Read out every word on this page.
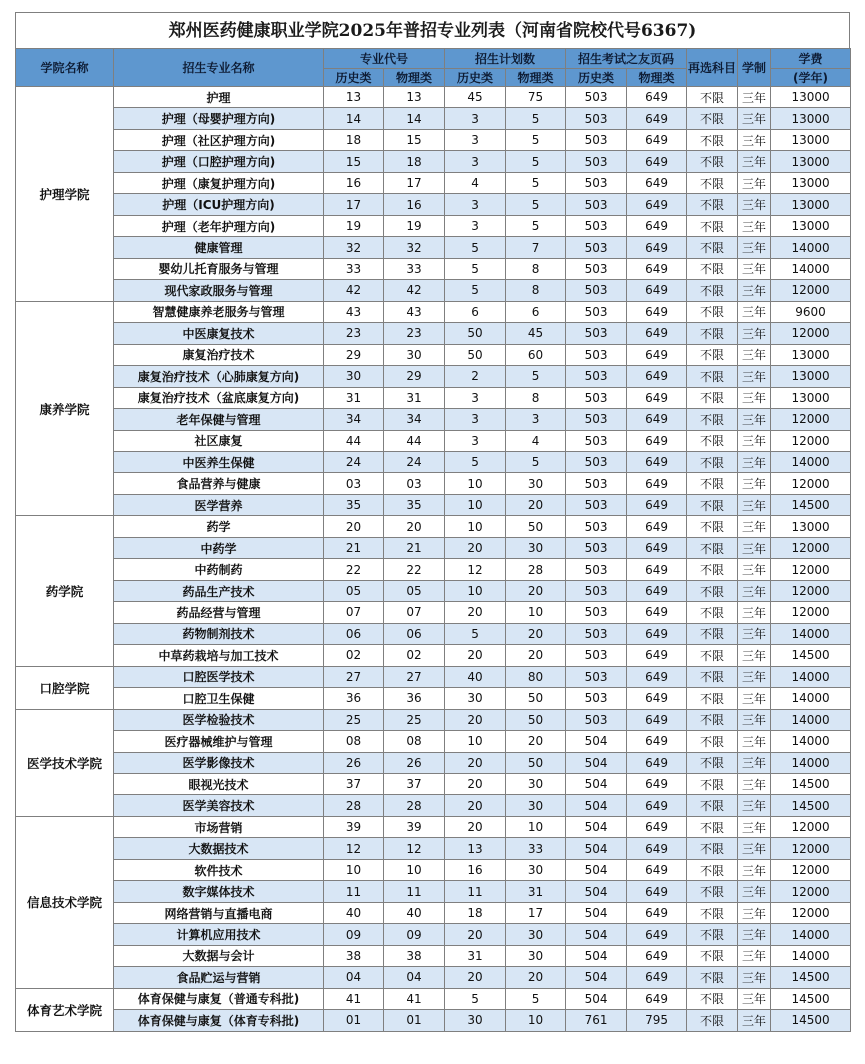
郑州医药健康职业学院2025年普招专业列表（河南省院校代号6367)
学院名称	招生专业名称	专业代号		招生计划数		招生考试之友页码		再选科目	学制	学费
		历史类	物理类	历史类	物理类	历史类	物理类			(学年)
护理学院	护理	13	13	45	75	503	649	不限	三年	13000
	护理（母婴护理方向)	14	14	3	5	503	649	不限	三年	13000
	护理（社区护理方向)	18	15	3	5	503	649	不限	三年	13000
	护理（口腔护理方向)	15	18	3	5	503	649	不限	三年	13000
	护理（康复护理方向)	16	17	4	5	503	649	不限	三年	13000
	护理（ICU护理方向)	17	16	3	5	503	649	不限	三年	13000
	护理（老年护理方向)	19	19	3	5	503	649	不限	三年	13000
	健康管理	32	32	5	7	503	649	不限	三年	14000
	婴幼儿托育服务与管理	33	33	5	8	503	649	不限	三年	14000
	现代家政服务与管理	42	42	5	8	503	649	不限	三年	12000
康养学院	智慧健康养老服务与管理	43	43	6	6	503	649	不限	三年	9600
	中医康复技术	23	23	50	45	503	649	不限	三年	12000
	康复治疗技术	29	30	50	60	503	649	不限	三年	13000
	康复治疗技术（心肺康复方向)	30	29	2	5	503	649	不限	三年	13000
	康复治疗技术（盆底康复方向)	31	31	3	8	503	649	不限	三年	13000
	老年保健与管理	34	34	3	3	503	649	不限	三年	12000
	社区康复	44	44	3	4	503	649	不限	三年	12000
	中医养生保健	24	24	5	5	503	649	不限	三年	14000
	食品营养与健康	03	03	10	30	503	649	不限	三年	12000
	医学营养	35	35	10	20	503	649	不限	三年	14500
药学院	药学	20	20	10	50	503	649	不限	三年	13000
	中药学	21	21	20	30	503	649	不限	三年	12000
	中药制药	22	22	12	28	503	649	不限	三年	12000
	药品生产技术	05	05	10	20	503	649	不限	三年	12000
	药品经营与管理	07	07	20	10	503	649	不限	三年	12000
	药物制剂技术	06	06	5	20	503	649	不限	三年	14000
	中草药栽培与加工技术	02	02	20	20	503	649	不限	三年	14500
口腔学院	口腔医学技术	27	27	40	80	503	649	不限	三年	14000
	口腔卫生保健	36	36	30	50	503	649	不限	三年	14000
医学技术学院	医学检验技术	25	25	20	50	503	649	不限	三年	14000
	医疗器械维护与管理	08	08	10	20	504	649	不限	三年	14000
	医学影像技术	26	26	20	50	504	649	不限	三年	14000
	眼视光技术	37	37	20	30	504	649	不限	三年	14500
	医学美容技术	28	28	20	30	504	649	不限	三年	14500
信息技术学院	市场营销	39	39	20	10	504	649	不限	三年	12000
	大数据技术	12	12	13	33	504	649	不限	三年	12000
	软件技术	10	10	16	30	504	649	不限	三年	12000
	数字媒体技术	11	11	11	31	504	649	不限	三年	12000
	网络营销与直播电商	40	40	18	17	504	649	不限	三年	12000
	计算机应用技术	09	09	20	30	504	649	不限	三年	14000
	大数据与会计	38	38	31	30	504	649	不限	三年	14000
	食品贮运与营销	04	04	20	20	504	649	不限	三年	14500
体育艺术学院	体育保健与康复（普通专科批)	41	41	5	5	504	649	不限	三年	14500
	体育保健与康复（体育专科批)	01	01	30	10	761	795	不限	三年	14500
